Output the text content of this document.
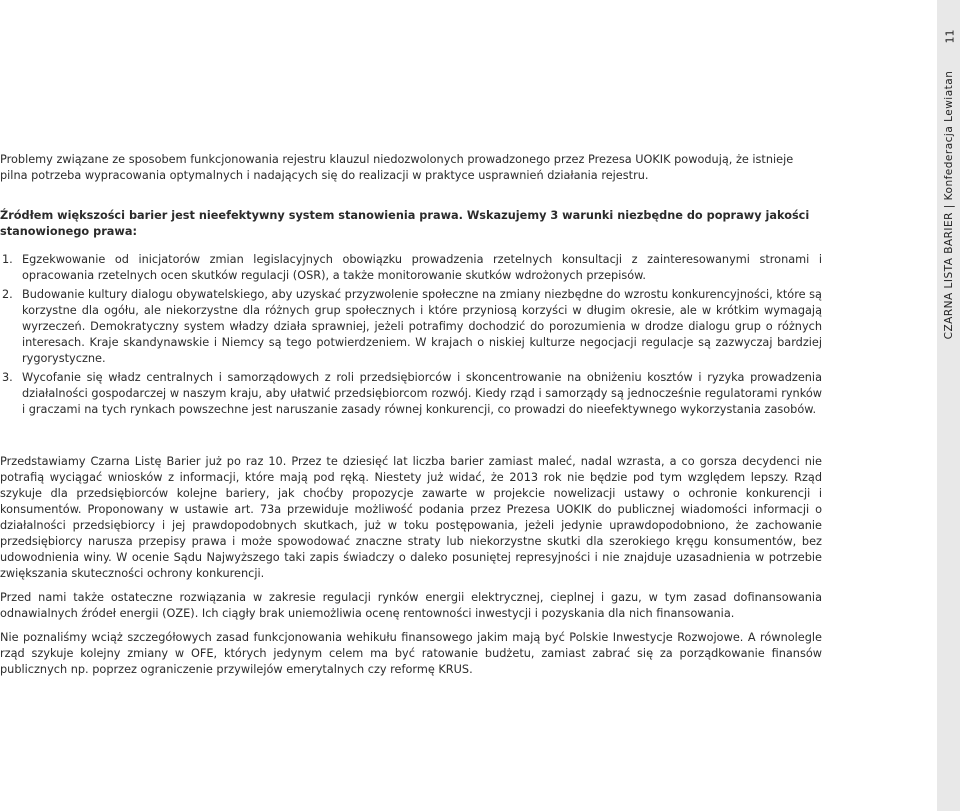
Problemy związane ze sposobem funkcjonowania rejestru klauzul niedozwolonych prowadzonego przez Prezesa UOKIK powodują, że istnieje pilna potrzeba wypracowania optymalnych i nadających się do realizacji w praktyce usprawnień działania rejestru.

Źródłem większości barier jest nieefektywny system stanowienia prawa. Wskazujemy 3 warunki niezbędne do poprawy jakości stanowionego prawa:

1. Egzekwowanie od inicjatorów zmian legislacyjnych obowiązku prowadzenia rzetelnych konsultacji z zainteresowanymi stronami i opracowania rzetelnych ocen skutków regulacji (OSR), a także monitorowanie skutków wdrożonych przepisów.
2. Budowanie kultury dialogu obywatelskiego, aby uzyskać przyzwolenie społeczne na zmiany niezbędne do wzrostu konkurencyjności, które są korzystne dla ogółu, ale niekorzystne dla różnych grup społecznych i które przyniosą korzyści w długim okresie, ale w krótkim wymagają wyrzeczeń. Demokratyczny system władzy działa sprawniej, jeżeli potrafimy dochodzić do porozumienia w drodze dialogu grup o różnych interesach. Kraje skandynawskie i Niemcy są tego potwierdzeniem. W krajach o niskiej kulturze negocjacji regulacje są zazwyczaj bardziej rygorystyczne.
3. Wycofanie się władz centralnych i samorządowych z roli przedsiębiorców i skoncentrowanie na obniżeniu kosztów i ryzyka prowadzenia działalności gospodarczej w naszym kraju, aby ułatwić przedsiębiorcom rozwój. Kiedy rząd i samorządy są jednocześnie regulatorami rynków i graczami na tych rynkach powszechne jest naruszanie zasady równej konkurencji, co prowadzi do nieefektywnego wykorzystania zasobów.

Przedstawiamy Czarna Listę Barier już po raz 10. Przez te dziesięć lat liczba barier zamiast maleć, nadal wzrasta, a co gorsza decydenci nie potrafią wyciągać wniosków z informacji, które mają pod ręką. Niestety już widać, że 2013 rok nie będzie pod tym względem lepszy. Rząd szykuje dla przedsiębiorców kolejne bariery, jak choćby propozycje zawarte w projekcie nowelizacji ustawy o ochronie konkurencji i konsumentów. Proponowany w ustawie art. 73a przewiduje możliwość podania przez Prezesa UOKIK do publicznej wiadomości informacji o działalności przedsiębiorcy i jej prawdopodobnych skutkach, już w toku postępowania, jeżeli jedynie uprawdopodobniono, że zachowanie przedsiębiorcy narusza przepisy prawa i może spowodować znaczne straty lub niekorzystne skutki dla szerokiego kręgu konsumentów, bez udowodnienia winy. W ocenie Sądu Najwyższego taki zapis świadczy o daleko posuniętej represyjności i nie znajduje uzasadnienia w potrzebie zwiększania skuteczności ochrony konkurencji.

Przed nami także ostateczne rozwiązania w zakresie regulacji rynków energii elektrycznej, cieplnej i gazu, w tym zasad dofinansowania odnawialnych źródeł energii (OZE). Ich ciągły brak uniemożliwia ocenę rentowności inwestycji i pozyskania dla nich finansowania.

Nie poznaliśmy wciąż szczegółowych zasad funkcjonowania wehikułu finansowego jakim mają być Polskie Inwestycje Rozwojowe. A równolegle rząd szykuje kolejny zmiany w OFE, których jedynym celem ma być ratowanie budżetu, zamiast zabrać się za porządkowanie finansów publicznych np. poprzez ograniczenie przywilejów emerytalnych czy reformę KRUS.

11
CZARNA LISTA BARIER | Konfederacja Lewiatan
